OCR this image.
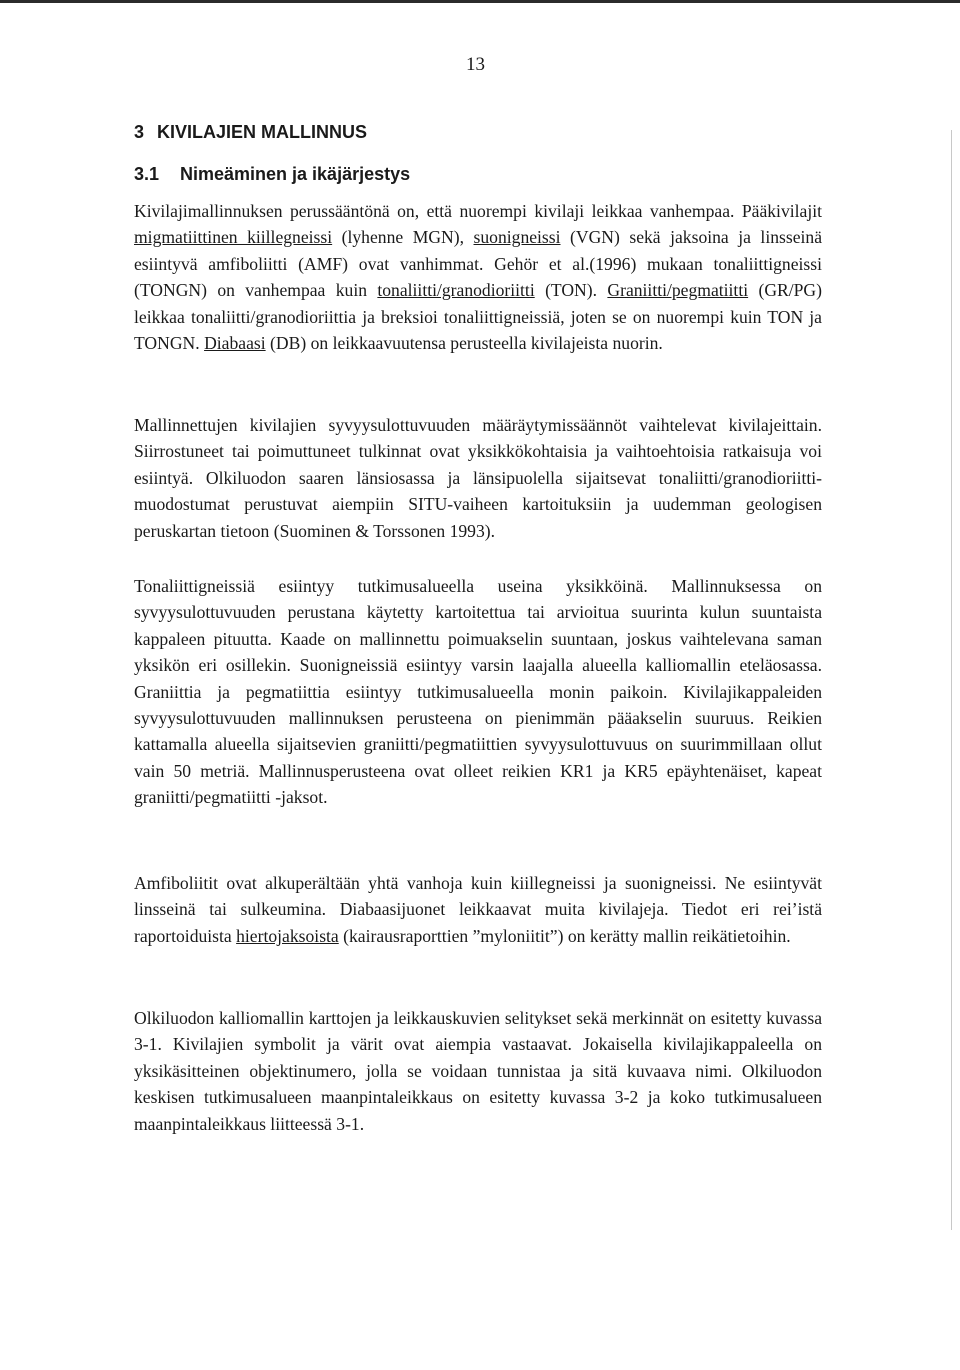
13
3 KIVILAJIEN MALLINNUS
3.1 Nimeäminen ja ikäjärjestys

Kivilajimallinnuksen perussääntönä on, että nuorempi kivilaji leikkaa vanhempaa. Pääkivilajit migmatiittinen kiillegneissi (lyhenne MGN), suonigneissi (VGN) sekä jaksoina ja linsseinä esiintyvä amfiboliitti (AMF) ovat vanhimmat. Gehör et al.(1996) mukaan tonaliittigneissi (TONGN) on vanhempaa kuin tonaliitti/granodioriitti (TON). Graniitti/pegmatiitti (GR/PG) leikkaa tonaliitti/granodioriittia ja breksioi tonaliittigneissiä, joten se on nuorempi kuin TON ja TONGN. Diabaasi (DB) on leikkaavuutensa perusteella kivilajeista nuorin.

Mallinnettujen kivilajien syvyysulottuvuuden määräytymissäännöt vaihtelevat kivilajeittain. Siirrostuneet tai poimuttuneet tulkinnat ovat yksikkökohtaisia ja vaihtoehtoisia ratkaisuja voi esiintyä. Olkiluodon saaren länsiosassa ja länsipuolella sijaitsevat tonaliitti/granodioriitti-muodostumat perustuvat aiempiin SITU-vaiheen kartoituksiin ja uudemman geologisen peruskartan tietoon (Suominen & Torssonen 1993).

Tonaliittigneissiä esiintyy tutkimusalueella useina yksikköinä. Mallinnuksessa on syvyysulottuvuuden perustana käytetty kartoitettua tai arvioitua suurinta kulun suuntaista kappaleen pituutta. Kaade on mallinnettu poimuakselin suuntaan, joskus vaihtelevana saman yksikön eri osillekin. Suonigneissiä esiintyy varsin laajalla alueella kalliomallin eteläosassa. Graniittia ja pegmatiittia esiintyy tutkimusalueella monin paikoin. Kivilajikappaleiden syvyysulottuvuuden mallinnuksen perusteena on pienimmän pääakselin suuruus. Reikien kattamalla alueella sijaitsevien graniitti/pegmatiittien syvyysulottuvuus on suurimmillaan ollut vain 50 metriä. Mallinnusperusteena ovat olleet reikien KR1 ja KR5 epäyhtenäiset, kapeat graniitti/pegmatiitti -jaksot.

Amfiboliitit ovat alkuperältään yhtä vanhoja kuin kiillegneissi ja suonigneissi. Ne esiintyvät linsseinä tai sulkeumina. Diabaasijuonet leikkaavat muita kivilajeja. Tiedot eri rei’istä raportoiduista hiertojaksoista (kairausraporttien ”myloniitit”) on kerätty mallin reikätietoihin.

Olkiluodon kalliomallin karttojen ja leikkauskuvien selitykset sekä merkinnät on esitetty kuvassa 3-1. Kivilajien symbolit ja värit ovat aiempia vastaavat. Jokaisella kivilajikappaleella on yksikäsitteinen objektinumero, jolla se voidaan tunnistaa ja sitä kuvaava nimi. Olkiluodon keskisen tutkimusalueen maanpintaleikkaus on esitetty kuvassa 3-2 ja koko tutkimusalueen maanpintaleikkaus liitteessä 3-1.
